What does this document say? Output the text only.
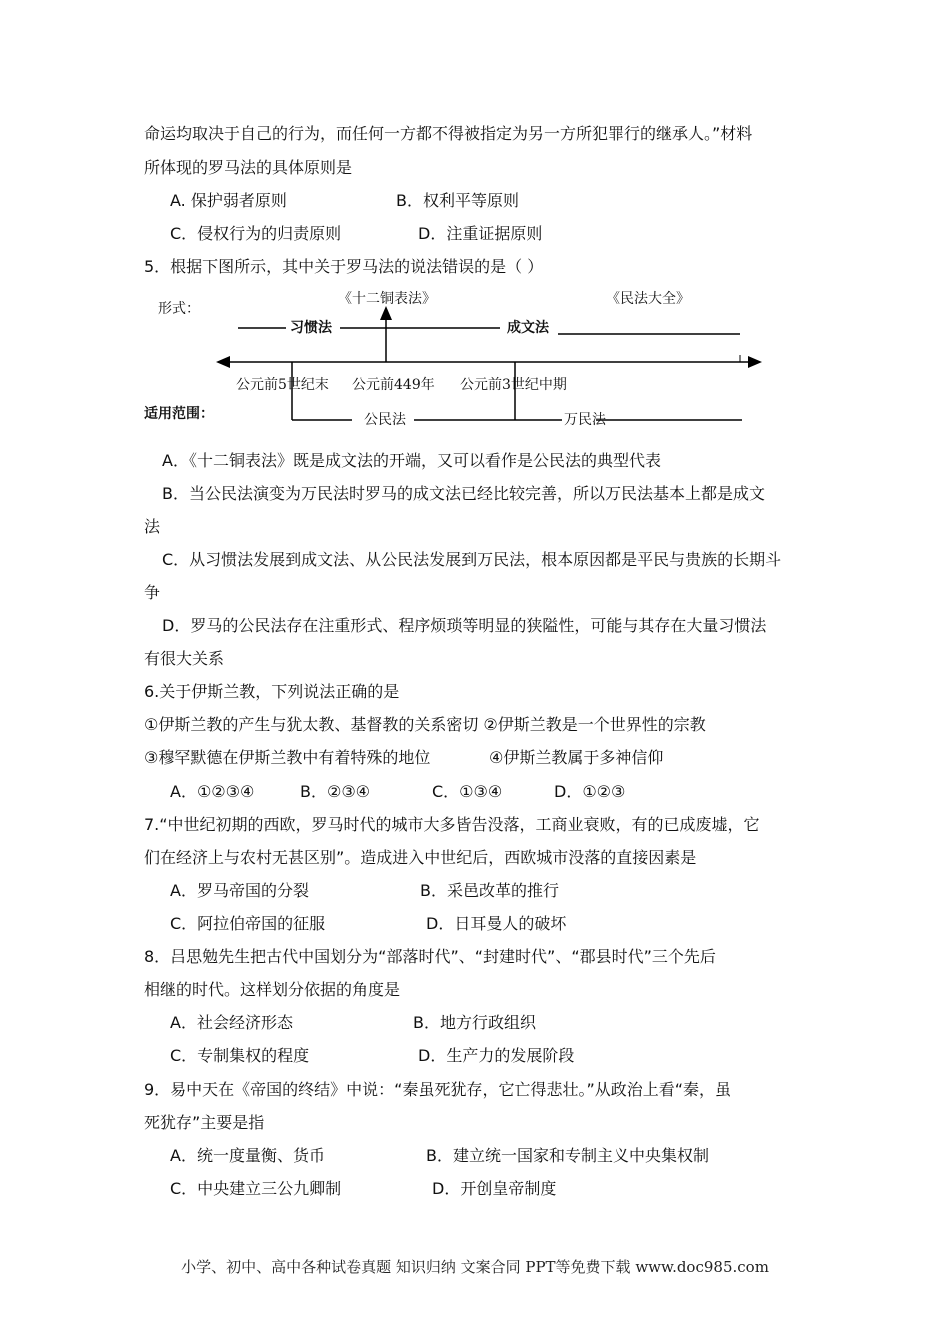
命运均取决于自己的行为，而任何一方都不得被指定为另一方所犯罪行的继承人。”材料
所体现的罗马法的具体原则是
A. 保护弱者原则	B．权利平等原则
C．侵权行为的归责原则	D．注重证据原则
5．根据下图所示，其中关于罗马法的说法错误的是（ ）
形式：
《十二铜表法》	《民法大全》
习惯法	成文法
公元前5世纪末 公元前449年 公元前3世纪中期
适用范围：	公民法	万民法
A．《十二铜表法》既是成文法的开端，又可以看作是公民法的典型代表
B．当公民法演变为万民法时罗马的成文法已经比较完善，所以万民法基本上都是成文
法
C．从习惯法发展到成文法、从公民法发展到万民法，根本原因都是平民与贵族的长期斗
争
D．罗马的公民法存在注重形式、程序烦琐等明显的狭隘性，可能与其存在大量习惯法
有很大关系
6.关于伊斯兰教，下列说法正确的是
①伊斯兰教的产生与犹太教、基督教的关系密切 ②伊斯兰教是一个世界性的宗教
③穆罕默德在伊斯兰教中有着特殊的地位	④伊斯兰教属于多神信仰
A．①②③④	B．②③④	C．①③④	D．①②③
7.“中世纪初期的西欧，罗马时代的城市大多皆告没落，工商业衰败，有的已成废墟，它
们在经济上与农村无甚区别”。造成进入中世纪后，西欧城市没落的直接因素是
A．罗马帝国的分裂	B．采邑改革的推行
C．阿拉伯帝国的征服	D．日耳曼人的破坏
8．吕思勉先生把古代中国划分为“部落时代”、“封建时代”、“郡县时代”三个先后
相继的时代。这样划分依据的角度是
A．社会经济形态	B．地方行政组织
C．专制集权的程度	D．生产力的发展阶段
9．易中天在《帝国的终结》中说：“秦虽死犹存，它亡得悲壮。”从政治上看“秦，虽
死犹存”主要是指
A．统一度量衡、货币	B．建立统一国家和专制主义中央集权制
C．中央建立三公九卿制	D．开创皇帝制度
小学、初中、高中各种试卷真题 知识归纳 文案合同 PPT等免费下载 www.doc985.com
